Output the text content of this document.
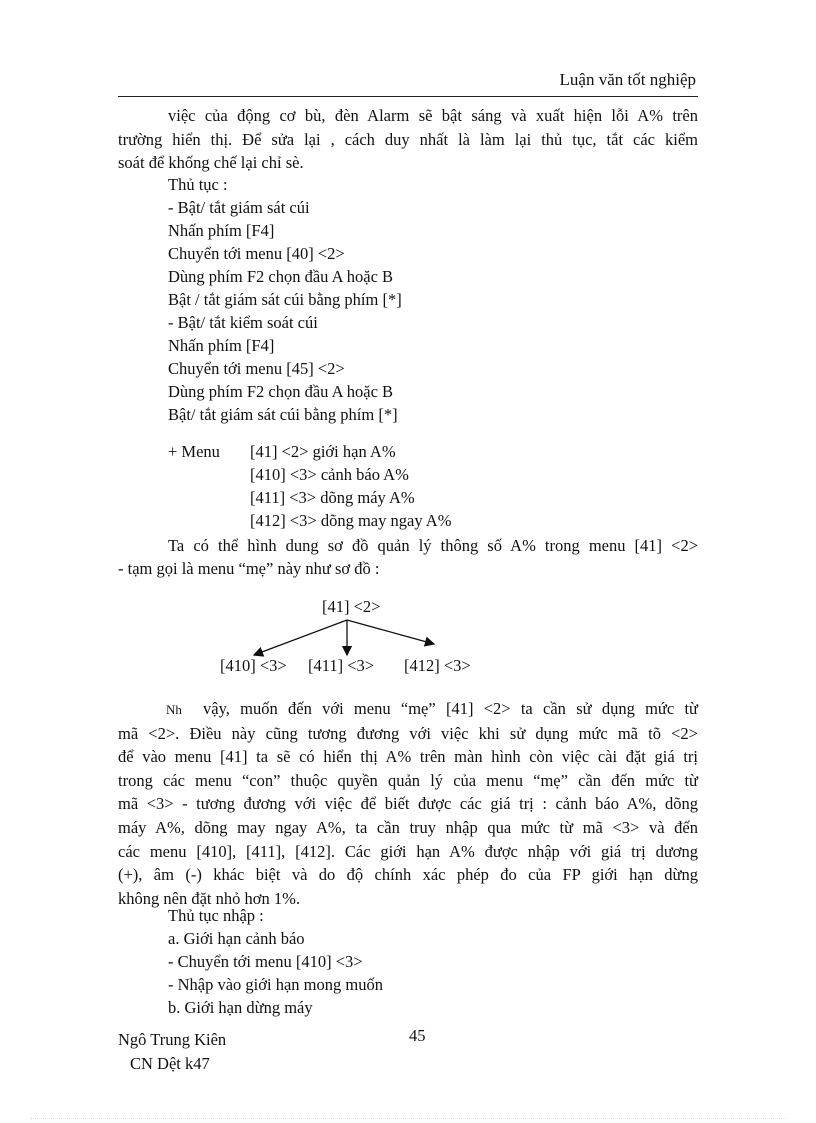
Luận văn tốt nghiệp
việc của động cơ bù, đèn Alarm sẽ bật sáng và xuất hiện lỗi A% trên
trường hiển thị. Để sửa lại , cách duy nhất là làm lại thủ tục, tắt các kiểm
soát để khống chế lại chỉ sè.
Thủ tục :
- Bật/ tắt giám sát cúi
Nhấn phím [F4]
Chuyển tới menu [40] <2>
Dùng phím F2 chọn đầu A hoặc B
Bật / tắt giám sát cúi bằng phím [*]
- Bật/ tắt kiểm soát cúi
Nhấn phím [F4]
Chuyển tới menu [45] <2>
Dùng phím F2 chọn đầu A hoặc B
Bật/ tắt giám sát cúi bằng phím [*]
+ Menu [41] <2> giới hạn A%
[410] <3> cảnh báo A%
[411] <3> dõng máy A%
[412] <3> dõng may ngay A%
Ta có thể hình dung sơ đồ quản lý thông số A% trong menu [41] <2>
- tạm gọi là menu “mẹ” này như sơ đồ :
[41] <2>
[410] <3> [411] <3> [412] <3>
Nh vậy, muốn đến với menu “mẹ” [41] <2> ta cần sử dụng mức từ
mã <2>. Điều này cũng tương đương với việc khi sử dụng mức mã tõ <2>
để vào menu [41] ta sẽ có hiển thị A% trên màn hình còn việc cài đặt giá trị
trong các menu “con” thuộc quyền quản lý của menu “mẹ” cần đến mức từ
mã <3> - tương đương với việc để biết được các giá trị : cảnh báo A%, dõng
máy A%, dõng may ngay A%, ta cần truy nhập qua mức từ mã <3> và đến
các menu [410], [411], [412]. Các giới hạn A% được nhập với giá trị dương
(+), âm (-) khác biệt và do độ chính xác phép đo của FP giới hạn dừng
không nên đặt nhỏ hơn 1%.
Thủ tục nhập :
a. Giới hạn cảnh báo
- Chuyển tới menu [410] <3>
- Nhập vào giới hạn mong muốn
b. Giới hạn dừng máy
Ngô Trung Kiên
CN Dệt k47
45
